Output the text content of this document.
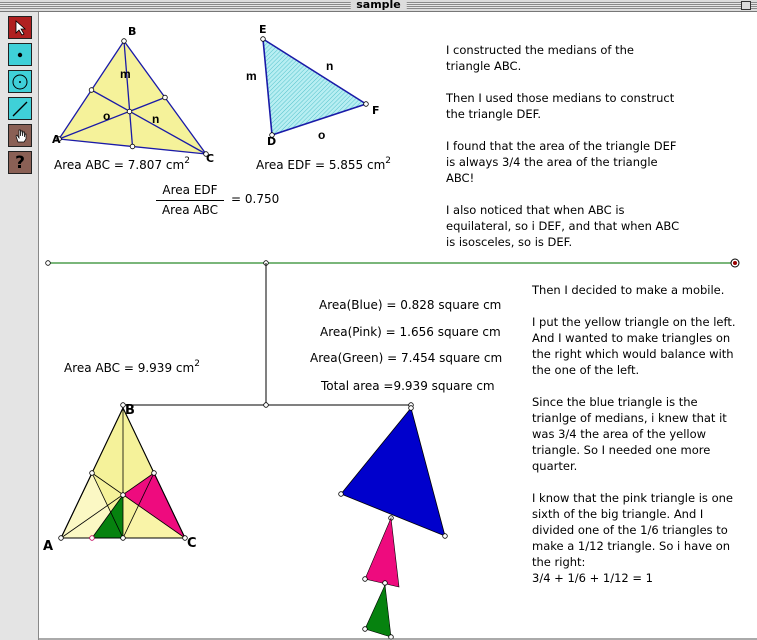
sample
?
B
A
C
m
o	n
Area ABC = 7.807 $cm^2$
E
D
F
m
n
o
Area EDF = 5.855 $cm^2$
Area EDF
Area ABC
= 0.750

I constructed the medians of the

triangle ABC.

Then I used those medians to construct

the triangle DEF.

I found that the area of the triangle DEF

is always 3/4 the area of the triangle

ABC!

I also noticed that when ABC is

equilateral, so i DEF, and that when ABC

is isosceles, so is DEF.

Area ABC = 9.939 $cm^2$
Area(Blue) = 0.828 square cm
Area(Pink) = 1.656 square cm
Area(Green) = 7.454 square cm
Total area =9.939 square cm
B
A	C

Then I decided to make a mobile.

I put the yellow triangle on the left.

And I wanted to make triangles on

the right which would balance with

the one of the left.

Since the blue triangle is the

trianlge of medians, i knew that it

was 3/4 the area of the yellow

triangle. So I needed one more

quarter.

I know that the pink triangle is one

sixth of the big triangle. And I

divided one of the 1/6 triangles to

make a 1/12 triangle. So i have on

the right:

3/4 + 1/6 + 1/12 = 1
